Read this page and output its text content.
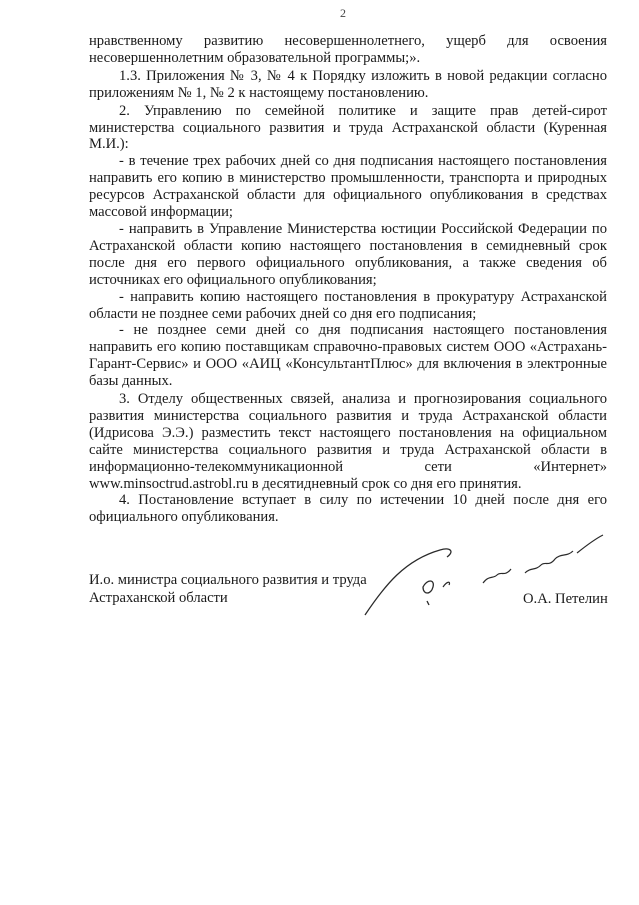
2

нравственному развитию несовершеннолетнего, ущерб для освоения несовершеннолетним образовательной программы;».

1.3. Приложения № 3, № 4 к Порядку изложить в новой редакции согласно приложениям № 1, № 2 к настоящему постановлению.

2. Управлению по семейной политике и защите прав детей-сирот министерства социального развития и труда Астраханской области (Куренная М.И.):

- в течение трех рабочих дней со дня подписания настоящего постановления направить его копию в министерство промышленности, транспорта и природных ресурсов Астраханской области для официального опубликования в средствах массовой информации;

- направить в Управление Министерства юстиции Российской Федерации по Астраханской области копию настоящего постановления в семидневный срок после дня его первого официального опубликования, а также сведения об источниках его официального опубликования;

- направить копию настоящего постановления в прокуратуру Астраханской области не позднее семи рабочих дней со дня его подписания;

- не позднее семи дней со дня подписания настоящего постановления направить его копию поставщикам справочно-правовых систем ООО «Астрахань-Гарант-Сервис» и ООО «АИЦ «КонсультантПлюс» для включения в электронные базы данных.

3. Отделу общественных связей, анализа и прогнозирования социального развития министерства социального развития и труда Астраханской области (Идрисова Э.Э.) разместить текст настоящего постановления на официальном сайте министерства социального развития и труда Астраханской области в информационно-телекоммуникационной сети «Интернет» www.minsoctrud.astrobl.ru в десятидневный срок со дня его принятия.

4. Постановление вступает в силу по истечении 10 дней после дня его официального опубликования.

И.о. министра социального развития и труда
Астраханской области	О.А. Петелин
